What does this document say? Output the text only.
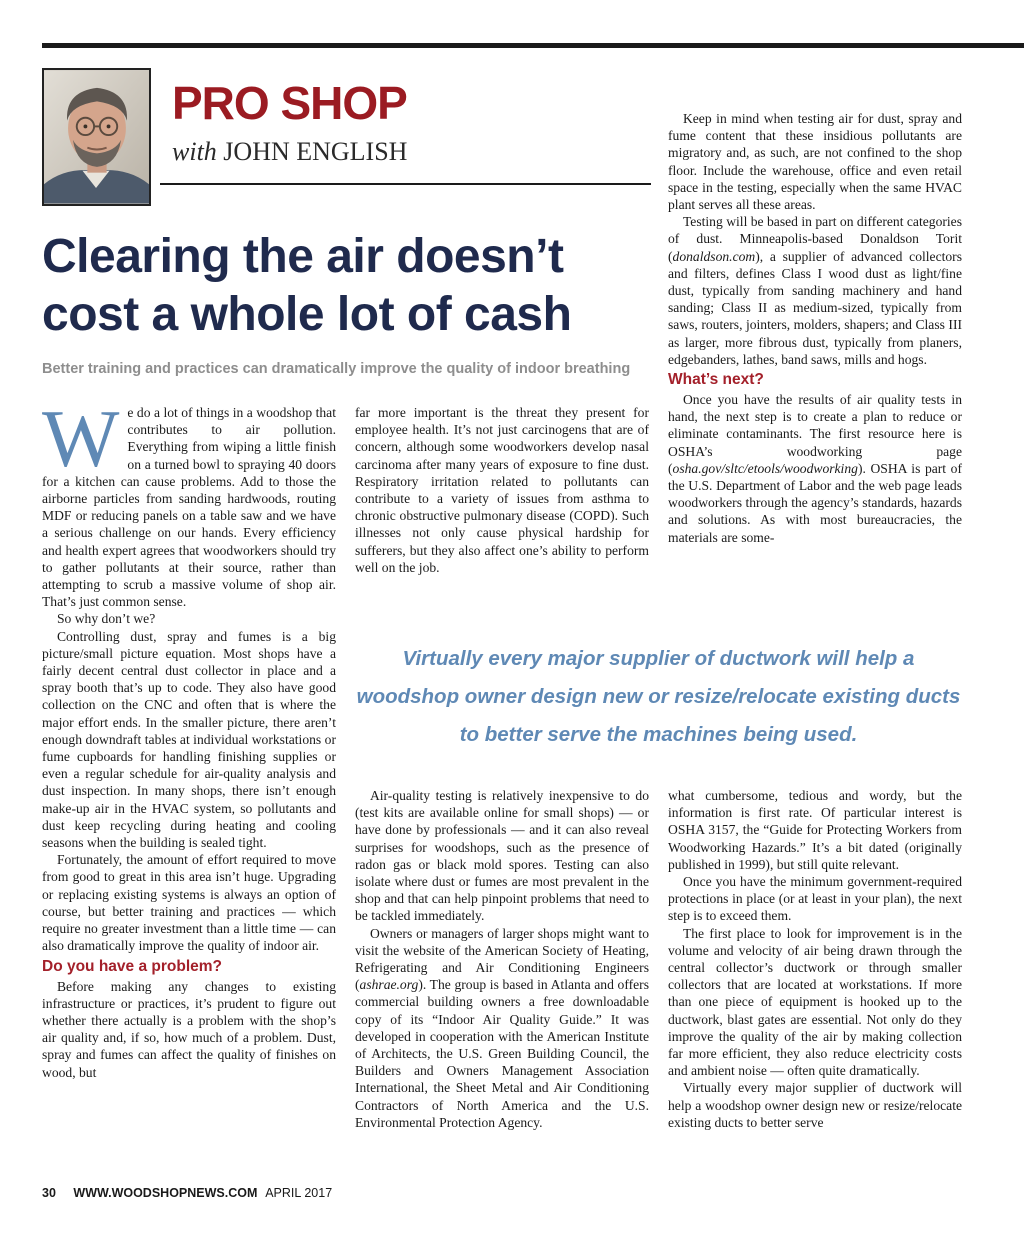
PRO SHOP
with JOHN ENGLISH
Clearing the air doesn’t
cost a whole lot of cash
Better training and practices can dramatically improve the quality of indoor breathing

We do a lot of things in a woodshop that contributes to air pollution. Everything from wiping a little finish on a turned bowl to spraying 40 doors for a kitchen can cause problems. Add to those the airborne particles from sanding hardwoods, routing MDF or reducing panels on a table saw and we have a serious challenge on our hands. Every efficiency and health expert agrees that woodworkers should try to gather pollutants at their source, rather than attempting to scrub a massive volume of shop air. That’s just common sense.

So why don’t we?

Controlling dust, spray and fumes is a big picture/small picture equation. Most shops have a fairly decent central dust collector in place and a spray booth that’s up to code. They also have good collection on the CNC and often that is where the major effort ends. In the smaller picture, there aren’t enough downdraft tables at individual workstations or fume cupboards for handling finishing supplies or even a regular schedule for air-quality analysis and dust inspection. In many shops, there isn’t enough make-up air in the HVAC system, so pollutants and dust keep recycling during heating and cooling seasons when the building is sealed tight.

Fortunately, the amount of effort required to move from good to great in this area isn’t huge. Upgrading or replacing existing systems is always an option of course, but better training and practices — which require no greater investment than a little time — can also dramatically improve the quality of indoor air.

Do you have a problem?

Before making any changes to existing infrastructure or practices, it’s prudent to figure out whether there actually is a problem with the shop’s air quality and, if so, how much of a problem. Dust, spray and fumes can affect the quality of finishes on wood, but

far more important is the threat they present for employee health. It’s not just carcinogens that are of concern, although some woodworkers develop nasal carcinoma after many years of exposure to fine dust. Respiratory irritation related to pollutants can contribute to a variety of issues from asthma to chronic obstructive pulmonary disease (COPD). Such illnesses not only cause physical hardship for sufferers, but they also affect one’s ability to perform well on the job.

Virtually every major supplier of ductwork will help a woodshop owner design new or resize/relocate existing ducts to better serve the machines being used.

Air-quality testing is relatively inexpensive to do (test kits are available online for small shops) — or have done by professionals — and it can also reveal surprises for woodshops, such as the presence of radon gas or black mold spores. Testing can also isolate where dust or fumes are most prevalent in the shop and that can help pinpoint problems that need to be tackled immediately.

Owners or managers of larger shops might want to visit the website of the American Society of Heating, Refrigerating and Air Conditioning Engineers (ashrae.org). The group is based in Atlanta and offers commercial building owners a free downloadable copy of its “Indoor Air Quality Guide.” It was developed in cooperation with the American Institute of Architects, the U.S. Green Building Council, the Builders and Owners Management Association International, the Sheet Metal and Air Conditioning Contractors of North America and the U.S. Environmental Protection Agency.

Keep in mind when testing air for dust, spray and fume content that these insidious pollutants are migratory and, as such, are not confined to the shop floor. Include the warehouse, office and even retail space in the testing, especially when the same HVAC plant serves all these areas.

Testing will be based in part on different categories of dust. Minneapolis-based Donaldson Torit (donaldson.com), a supplier of advanced collectors and filters, defines Class I wood dust as light/fine dust, typically from sanding machinery and hand sanding; Class II as medium-sized, typically from saws, routers, jointers, molders, shapers; and Class III as larger, more fibrous dust, typically from planers, edgebanders, lathes, band saws, mills and hogs.

What’s next?

Once you have the results of air quality tests in hand, the next step is to create a plan to reduce or eliminate contaminants. The first resource here is OSHA’s woodworking page (osha.gov/sltc/etools/woodworking). OSHA is part of the U.S. Department of Labor and the web page leads woodworkers through the agency’s standards, hazards and solutions. As with most bureaucracies, the materials are some-

what cumbersome, tedious and wordy, but the information is first rate. Of particular interest is OSHA 3157, the “Guide for Protecting Workers from Woodworking Hazards.” It’s a bit dated (originally published in 1999), but still quite relevant.

Once you have the minimum government-required protections in place (or at least in your plan), the next step is to exceed them.

The first place to look for improvement is in the volume and velocity of air being drawn through the central collector’s ductwork or through smaller collectors that are located at workstations. If more than one piece of equipment is hooked up to the ductwork, blast gates are essential. Not only do they improve the quality of the air by making collection far more efficient, they also reduce electricity costs and ambient noise — often quite dramatically.

Virtually every major supplier of ductwork will help a woodshop owner design new or resize/relocate existing ducts to better serve

30 WWW.WOODSHOPNEWS.COM APRIL 2017
